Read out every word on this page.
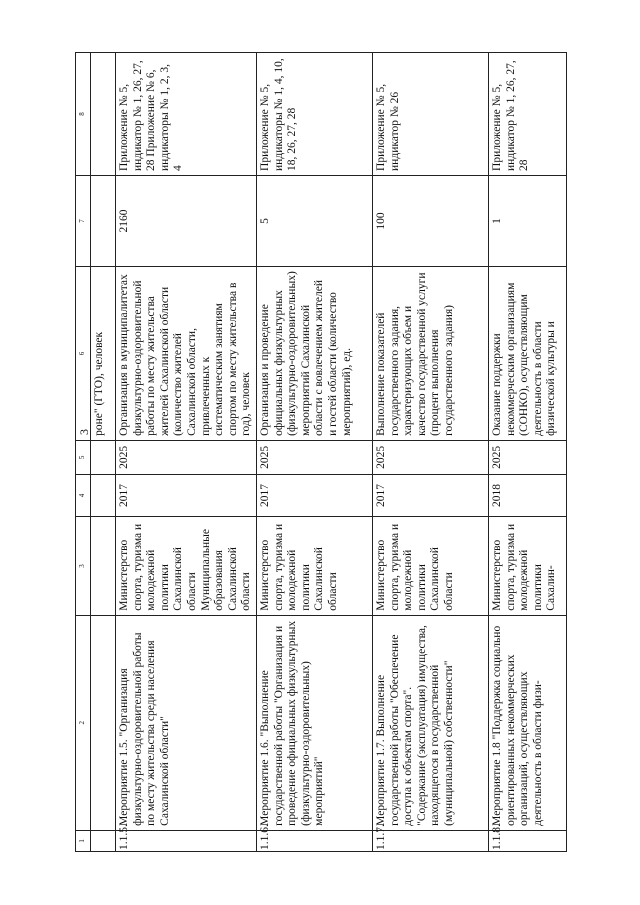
3
1	2	3	4	5	6	7	8
					роне" (ГТО), человек		
1.1.5.	Мероприятие 1.5. "Организация физкультурно-оздоровительной работы по месту жительства среди населения Сахалинской области"	Министерство спорта, туризма и молодежной политики Сахалинской области Муниципальные образования Сахалинской области	2017	2025	Организация в муниципалитетах физкультурно-оздоровительной работы по месту жительства жителей Сахалинской области (количество жителей Сахалинской области, привлеченных к систематическим занятиям спортом по месту жительства в год), человек	2160	Приложение № 5, индикатор № 1, 26, 27, 28 Приложение № 6, индикаторы № 1, 2, 3, 4
1.1.6.	Мероприятие 1.6. "Выполнение государственной работы "Организация и проведение официальных физкультурных (физкультурно-оздоровительных) мероприятий"	Министерство спорта, туризма и молодежной политики Сахалинской области	2017	2025	Организация и проведение официальных физкультурных (физкультурно-оздоровительных) мероприятий Сахалинской области с вовлечением жителей и гостей области (количество мероприятий), ед.	5	Приложение № 5, индикаторы № 1, 4, 10, 18, 26, 27, 28
1.1.7.	Мероприятие 1.7. Выполнение государственной работы "Обеспечение доступа к объектам спорта". "Содержание (эксплуатация) имущества, находящегося в государственной (муниципальной) собственности"	Министерство спорта, туризма и молодежной политики Сахалинской области	2017	2025	Выполнение показателей государственного задания, характеризующих объем и качество государственной услуги (процент выполнения государственного задания)	100	Приложение № 5, индикатор № 26
1.1.8.	Мероприятие 1.8 "Поддержка социально ориентированных некоммерческих организаций, осуществляющих деятельность в области физи-	Министерство спорта, туризма и молодежной политики Сахалин-	2018	2025	Оказание поддержки некоммерческим организациям (СОНКО), осуществляющим деятельность в области физической культуры и	1	Приложение № 5, индикатор № 1, 26, 27, 28
